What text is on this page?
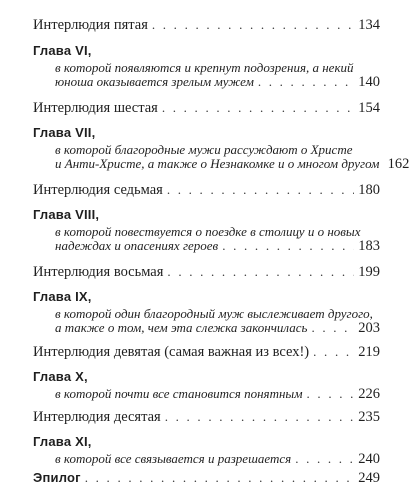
Интерлюдия пятая . . .	134
Глава VI,
в которой появляются и крепнут подозрения, а некий
юноша оказывается зрелым мужем . . .	140
Интерлюдия шестая . . .	154
Глава VII,
в которой благородные мужи рассуждают о Христе
и Анти-Христе, а также о Незнакомке и о многом другом 162
Интерлюдия седьмая . . .	180
Глава VIII,
в которой повествуется о поездке в столицу и о новых
надеждах и опасениях героев . . .	183
Интерлюдия восьмая . . .	199
Глава IX,
в которой один благородный муж выслеживает другого,
а также о том, чем эта слежка закончилась . . .	203
Интерлюдия девятая (самая важная из всех!) . . .	219
Глава X,
в которой почти все становится понятным . . .	226
Интерлюдия десятая . . .	235
Глава XI,
в которой все связывается и разрешается . . .	240
Эпилог . . .	249
